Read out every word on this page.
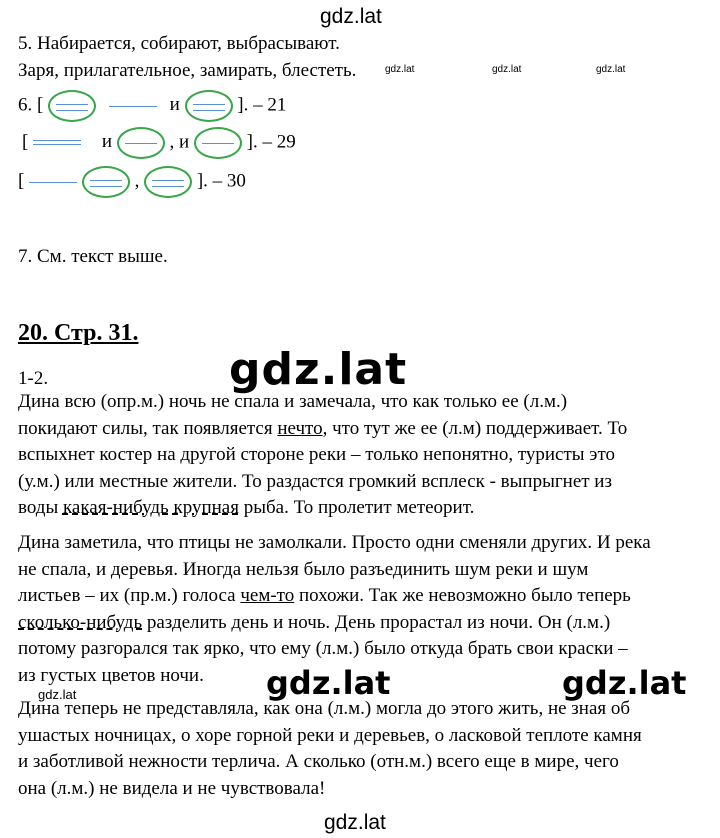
gdz.lat
gdz.lat	gdz.lat	gdz.lat
5. Набирается, собирают, выбрасывают.
Заря, прилагательное, замирать, блестеть.
6. [	и	]. – 21
[	и	, и	]. – 29
[	,	]. – 30
7. См. текст выше.
20. Стр. 31.
gdz.lat
1-2.
Дина всю (опр.м.) ночь не спала и замечала, что как только ее (л.м.)
покидают силы, так появляется нечто, что тут же ее (л.м) поддерживает. То
вспыхнет костер на другой стороне реки – только непонятно, туристы это
(у.м.) или местные жители. То раздастся громкий всплеск - выпрыгнет из
воды какая-нибудь крупная рыба. То пролетит метеорит.
Дина заметила, что птицы не замолкали. Просто одни сменяли других. И река
не спала, и деревья. Иногда нельзя было разъединить шум реки и шум
листьев – их (пр.м.) голоса чем-то похожи. Так же невозможно было теперь
сколько-нибудь разделить день и ночь. День прорастал из ночи. Он (л.м.)
потому разгорался так ярко, что ему (л.м.) было откуда брать свои краски –
из густых цветов ночи.	gdz.lat	gdz.lat
gdz.lat
Дина теперь не представляла, как она (л.м.) могла до этого жить, не зная об
ушастых ночницах, о хоре горной реки и деревьев, о ласковой теплоте камня
и заботливой нежности терлича. А сколько (отн.м.) всего еще в мире, чего
она (л.м.) не видела и не чувствовала!
gdz.lat
